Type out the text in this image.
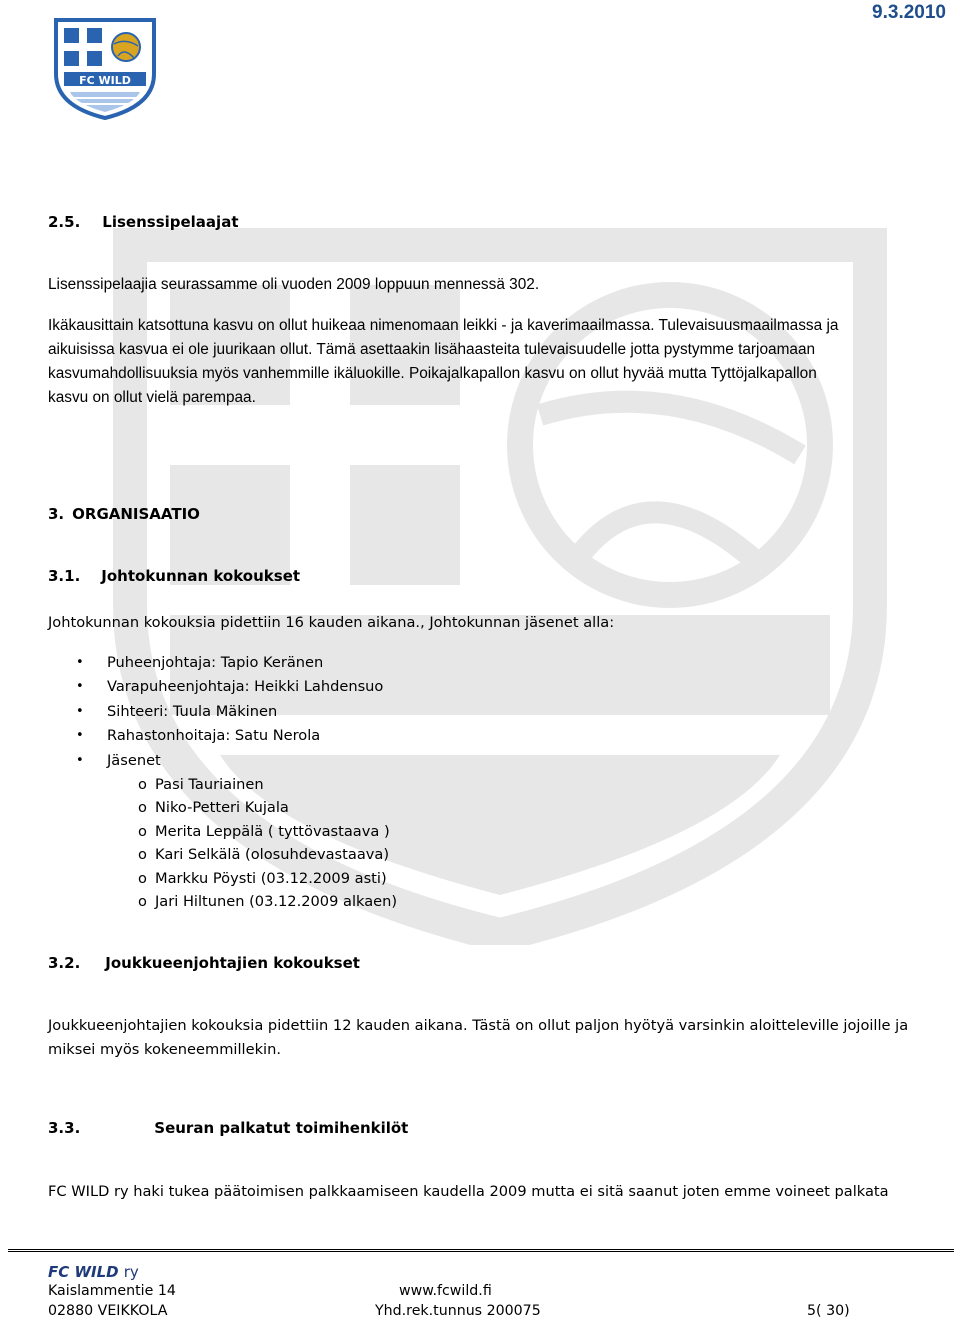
9.3.2010
FC WILD
2.5. Lisenssipelaajat
Lisenssipelaajia seurassamme oli vuoden 2009 loppuun mennessä 302.
Ikäkausittain katsottuna kasvu on ollut huikeaa nimenomaan leikki - ja kaverimaailmassa. Tulevaisuusmaailmassa ja
aikuisissa kasvua ei ole juurikaan ollut. Tämä asettaakin lisähaasteita tulevaisuudelle jotta pystymme tarjoamaan
kasvumahdollisuuksia myös vanhemmille ikäluokille. Poikajalkapallon kasvu on ollut hyvää mutta Tyttöjalkapallon
kasvu on ollut vielä parempaa.
3. ORGANISAATIO
3.1. Johtokunnan kokoukset
Johtokunnan kokouksia pidettiin 16 kauden aikana., Johtokunnan jäsenet alla:
• Puheenjohtaja: Tapio Keränen
• Varapuheenjohtaja: Heikki Lahdensuo
• Sihteeri: Tuula Mäkinen
• Rahastonhoitaja: Satu Nerola
• Jäsenet
o Pasi Tauriainen
o Niko-Petteri Kujala
o Merita Leppälä ( tyttövastaava )
o Kari Selkälä (olosuhdevastaava)
o Markku Pöysti (03.12.2009 asti)
o Jari Hiltunen (03.12.2009 alkaen)
3.2. Joukkueenjohtajien kokoukset
Joukkueenjohtajien kokouksia pidettiin 12 kauden aikana. Tästä on ollut paljon hyötyä varsinkin aloitteleville jojoille ja
miksei myös kokeneemmillekin.
3.3.	Seuran palkatut toimihenkilöt
FC WILD ry haki tukea päätoimisen palkkaamiseen kaudella 2009 mutta ei sitä saanut joten emme voineet palkata
FC WILD ry
Kaislammentie 14	www.fcwild.fi
02880 VEIKKOLA	Yhd.rek.tunnus 200075	5( 30)
